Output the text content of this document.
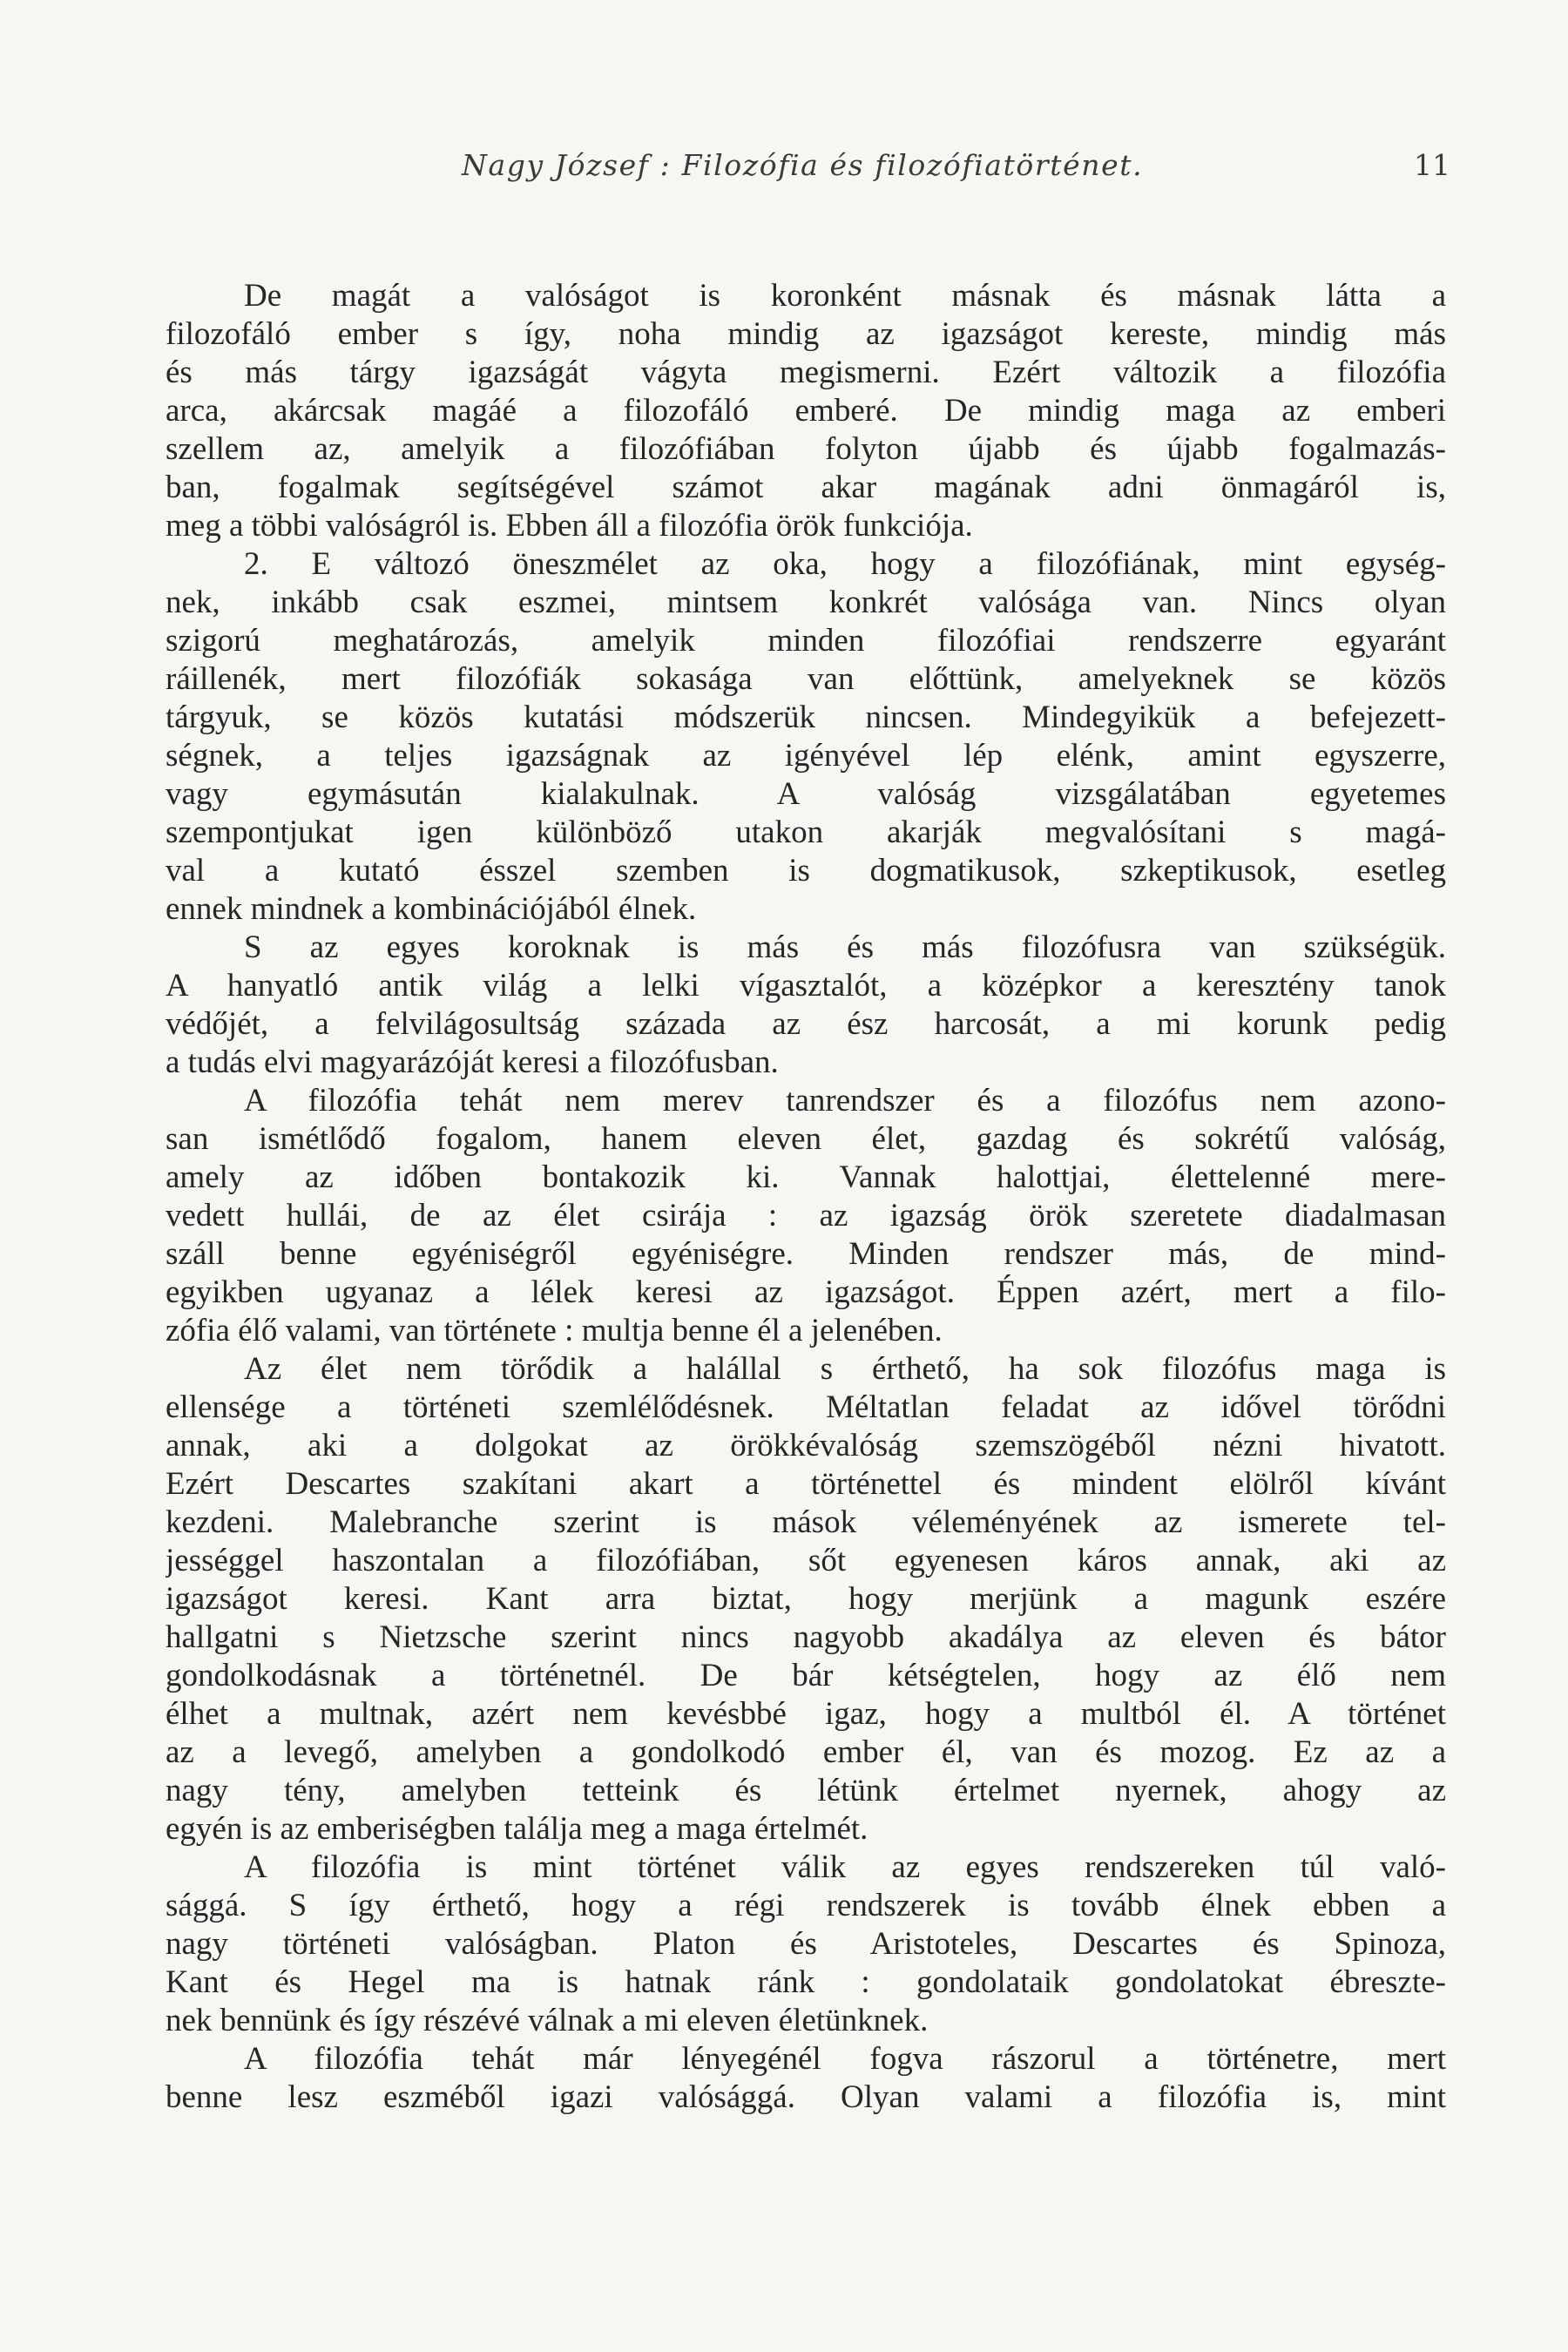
Nagy József : Filozófia és filozófiatörténet.	11
De magát a valóságot is koronként másnak és másnak látta a
filozofáló ember s így, noha mindig az igazságot kereste, mindig más
és más tárgy igazságát vágyta megismerni. Ezért változik a filozófia
arca, akárcsak magáé a filozofáló emberé. De mindig maga az emberi
szellem az, amelyik a filozófiában folyton újabb és újabb fogalmazás-
ban, fogalmak segítségével számot akar magának adni önmagáról is,
meg a többi valóságról is. Ebben áll a filozófia örök funkciója.
2. E változó öneszmélet az oka, hogy a filozófiának, mint egység-
nek, inkább csak eszmei, mintsem konkrét valósága van. Nincs olyan
szigorú meghatározás, amelyik minden filozófiai rendszerre egyaránt
ráillenék, mert filozófiák sokasága van előttünk, amelyeknek se közös
tárgyuk, se közös kutatási módszerük nincsen. Mindegyikük a befejezett-
ségnek, a teljes igazságnak az igényével lép elénk, amint egyszerre,
vagy egymásután kialakulnak. A valóság vizsgálatában egyetemes
szempontjukat igen különböző utakon akarják megvalósítani s magá-
val a kutató ésszel szemben is dogmatikusok, szkeptikusok, esetleg
ennek mindnek a kombinációjából élnek.
S az egyes koroknak is más és más filozófusra van szükségük.
A hanyatló antik világ a lelki vígasztalót, a középkor a keresztény tanok
védőjét, a felvilágosultság százada az ész harcosát, a mi korunk pedig
a tudás elvi magyarázóját keresi a filozófusban.
A filozófia tehát nem merev tanrendszer és a filozófus nem azono-
san ismétlődő fogalom, hanem eleven élet, gazdag és sokrétű valóság,
amely az időben bontakozik ki. Vannak halottjai, élettelenné mere-
vedett hullái, de az élet csirája : az igazság örök szeretete diadalmasan
száll benne egyéniségről egyéniségre. Minden rendszer más, de mind-
egyikben ugyanaz a lélek keresi az igazságot. Éppen azért, mert a filo-
zófia élő valami, van története : multja benne él a jelenében.
Az élet nem törődik a halállal s érthető, ha sok filozófus maga is
ellensége a történeti szemlélődésnek. Méltatlan feladat az idővel törődni
annak, aki a dolgokat az örökkévalóság szemszögéből nézni hivatott.
Ezért Descartes szakítani akart a történettel és mindent elölről kívánt
kezdeni. Malebranche szerint is mások véleményének az ismerete tel-
jességgel haszontalan a filozófiában, sőt egyenesen káros annak, aki az
igazságot keresi. Kant arra biztat, hogy merjünk a magunk eszére
hallgatni s Nietzsche szerint nincs nagyobb akadálya az eleven és bátor
gondolkodásnak a történetnél. De bár kétségtelen, hogy az élő nem
élhet a multnak, azért nem kevésbbé igaz, hogy a multból él. A történet
az a levegő, amelyben a gondolkodó ember él, van és mozog. Ez az a
nagy tény, amelyben tetteink és létünk értelmet nyernek, ahogy az
egyén is az emberiségben találja meg a maga értelmét.
A filozófia is mint történet válik az egyes rendszereken túl való-
sággá. S így érthető, hogy a régi rendszerek is tovább élnek ebben a
nagy történeti valóságban. Platon és Aristoteles, Descartes és Spinoza,
Kant és Hegel ma is hatnak ránk : gondolataik gondolatokat ébreszte-
nek bennünk és így részévé válnak a mi eleven életünknek.
A filozófia tehát már lényegénél fogva rászorul a történetre, mert
benne lesz eszméből igazi valósággá. Olyan valami a filozófia is, mint
